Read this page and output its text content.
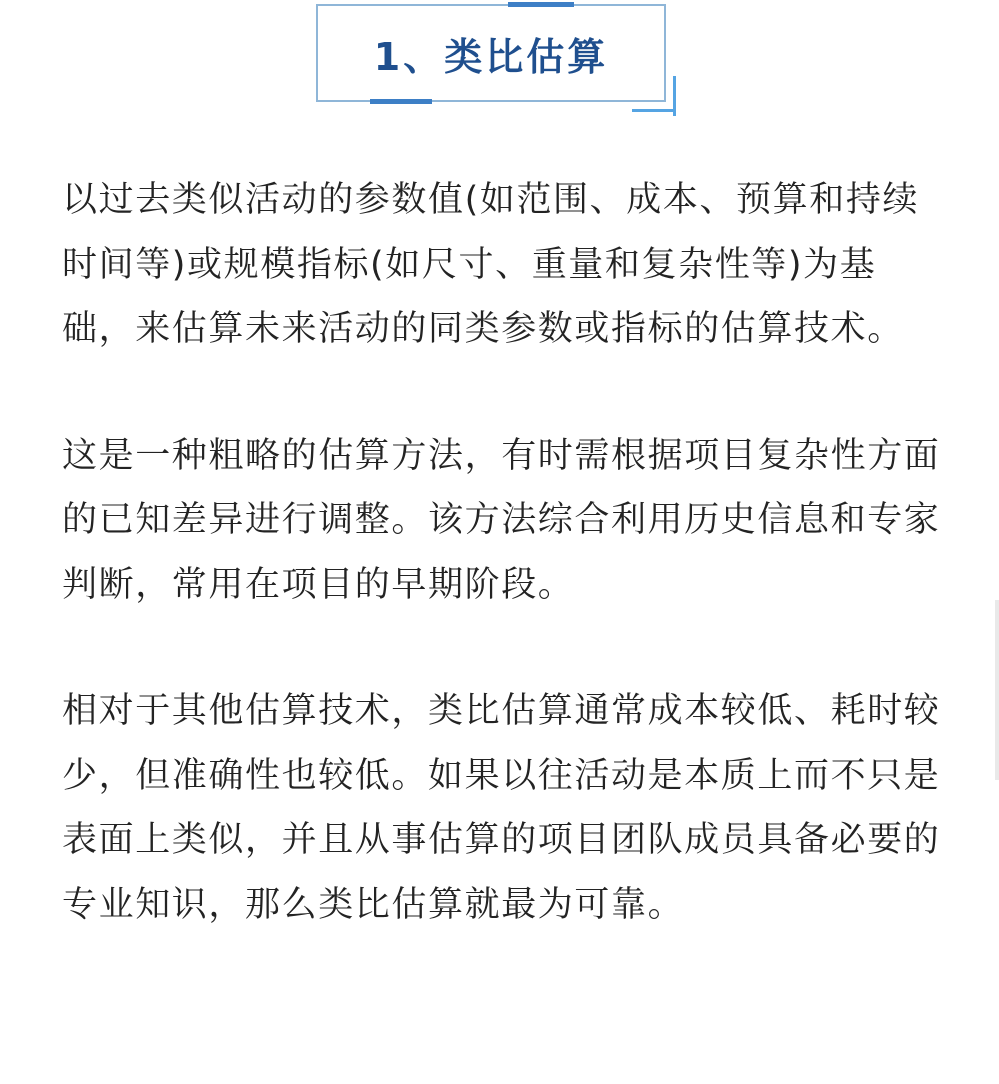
1、类比估算

以过去类似活动的参数值(如范围、成本、预算和持续时间等)或规模指标(如尺寸、重量和复杂性等)为基础，来估算未来活动的同类参数或指标的估算技术。

这是一种粗略的估算方法，有时需根据项目复杂性方面的已知差异进行调整。该方法综合利用历史信息和专家判断，常用在项目的早期阶段。

相对于其他估算技术，类比估算通常成本较低、耗时较少，但准确性也较低。如果以往活动是本质上而不只是表面上类似，并且从事估算的项目团队成员具备必要的专业知识，那么类比估算就最为可靠。
